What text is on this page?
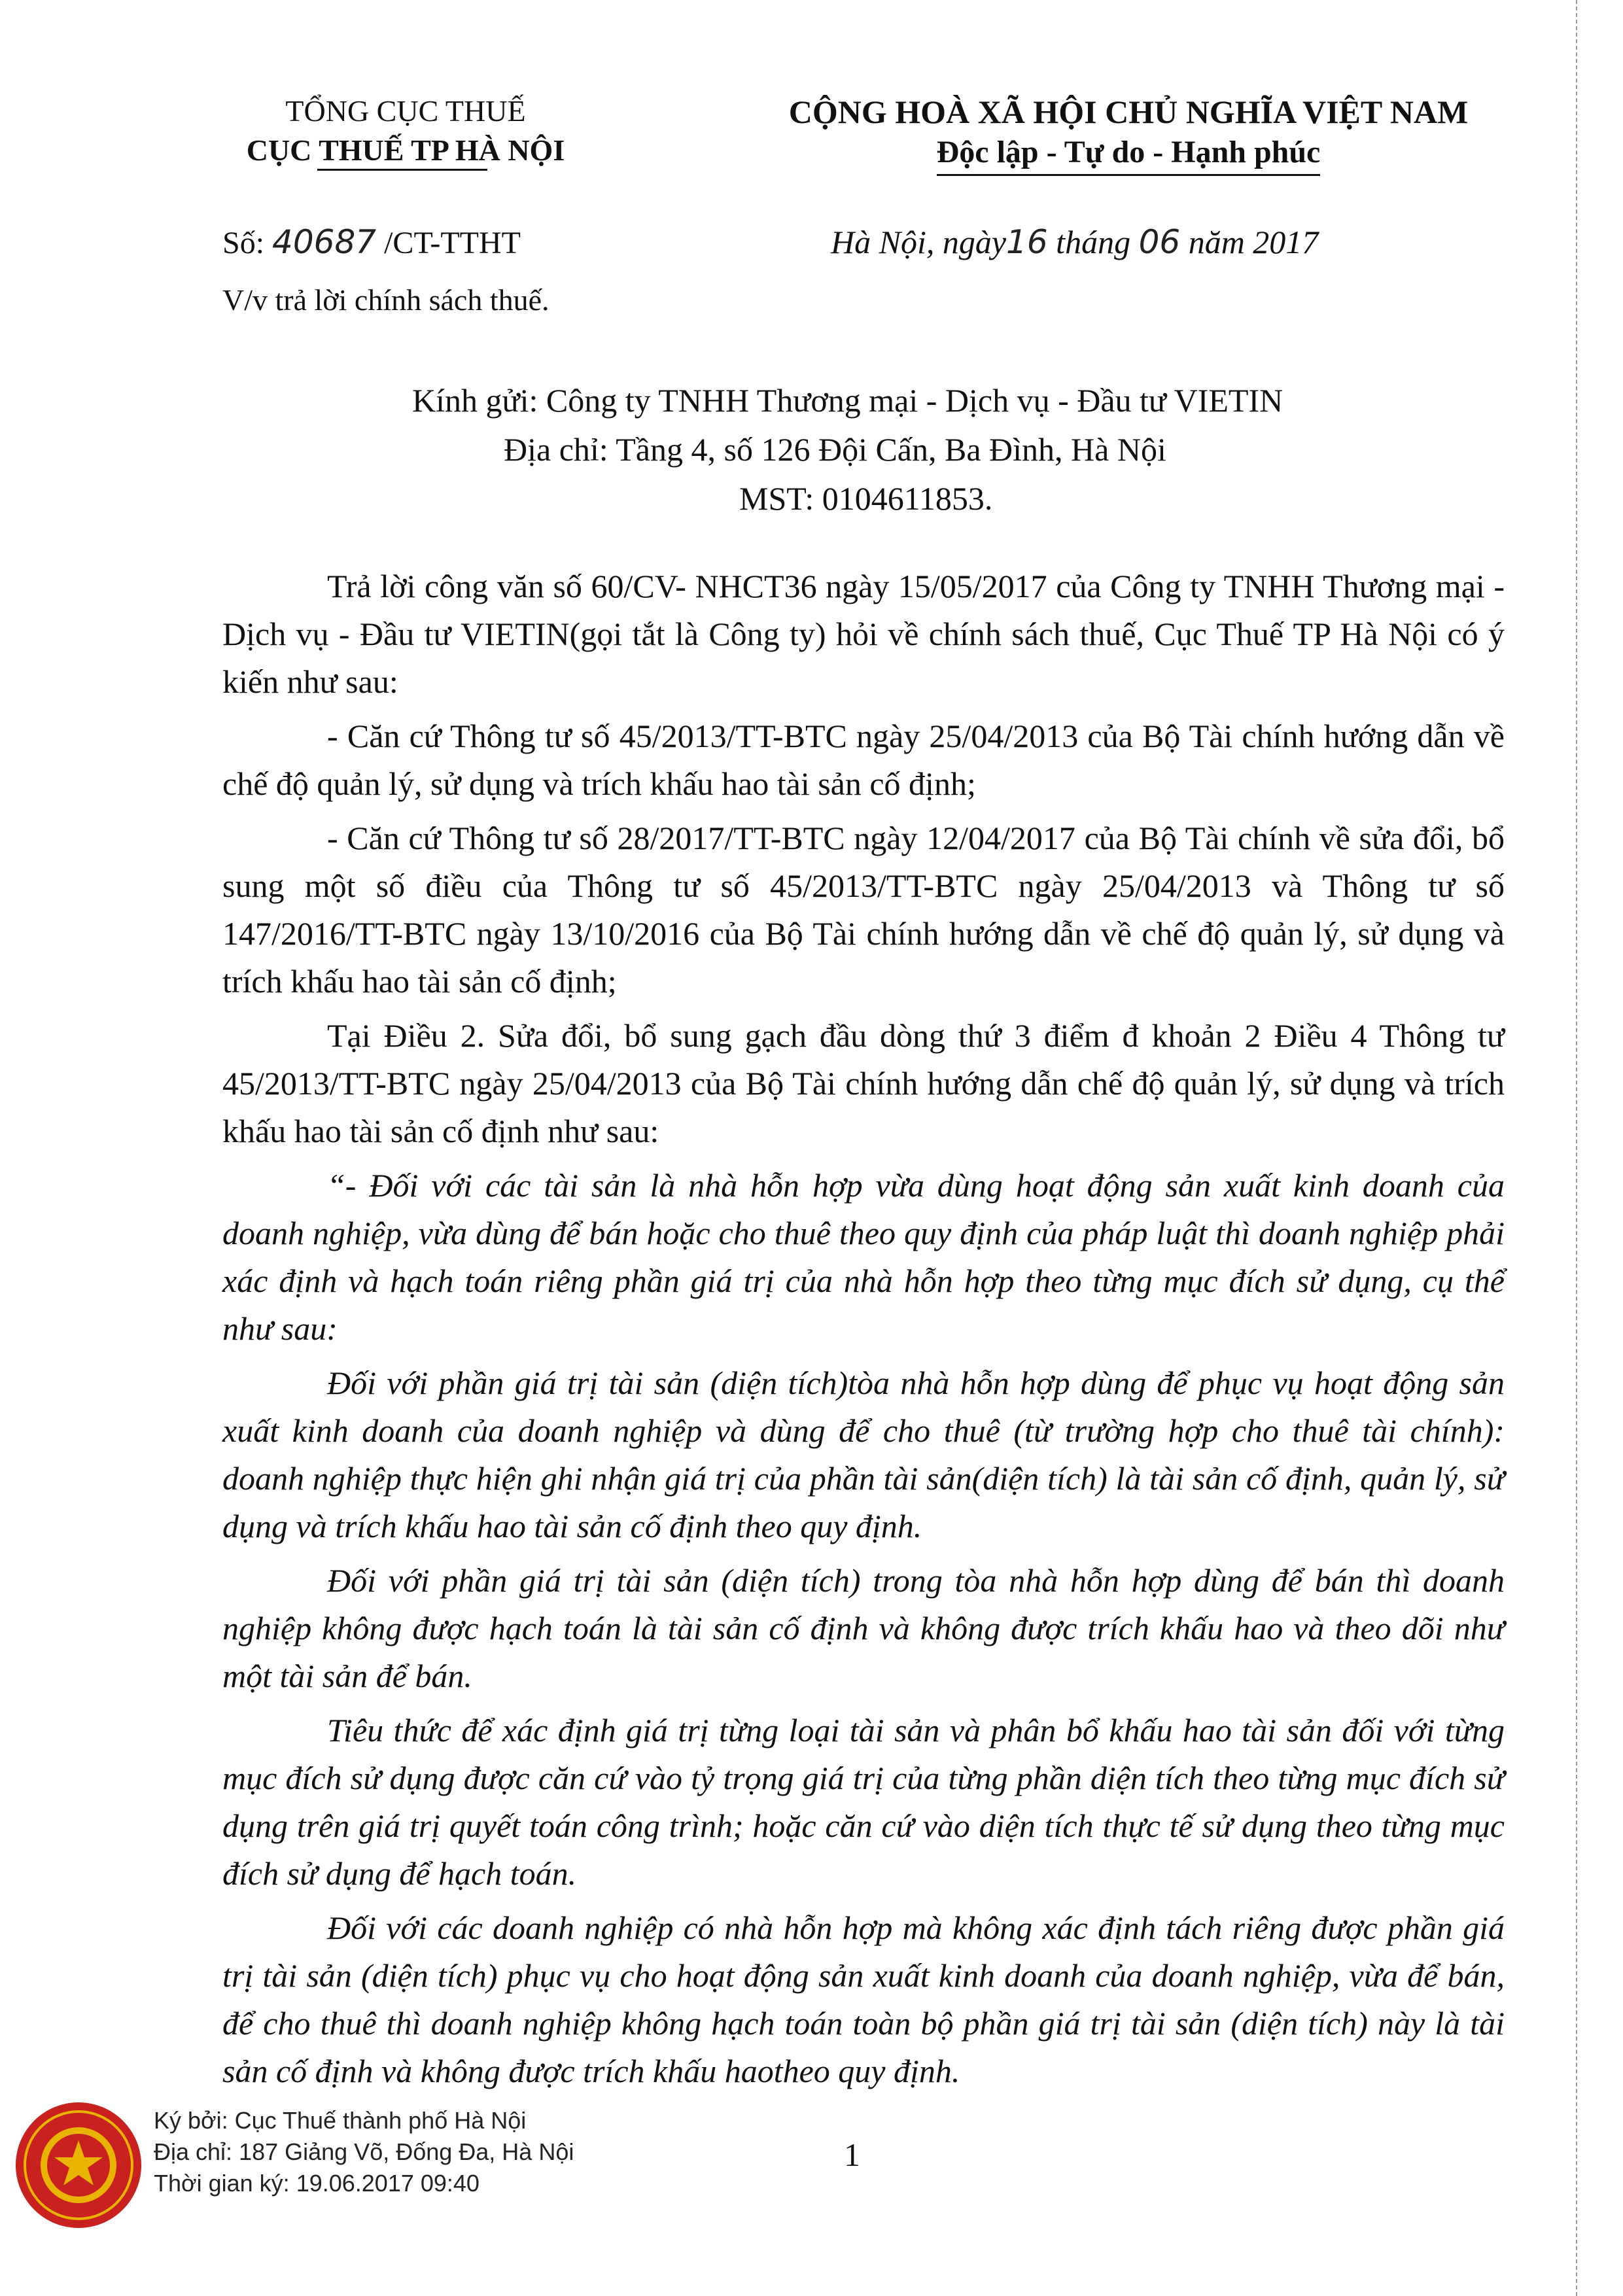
TỔNG CỤC THUẾ
CỤC THUẾ TP HÀ NỘI
CỘNG HOÀ XÃ HỘI CHỦ NGHĨA VIỆT NAM
Độc lập - Tự do - Hạnh phúc
Số: 40687 /CT-TTHT	Hà Nội, ngày16 tháng 06 năm 2017
V/v trả lời chính sách thuế.
Kính gửi: Công ty TNHH Thương mại - Dịch vụ - Đầu tư VIETIN
Địa chỉ: Tầng 4, số 126 Đội Cấn, Ba Đình, Hà Nội
MST: 0104611853.

Trả lời công văn số 60/CV- NHCT36 ngày 15/05/2017 của Công ty TNHH Thương mại - Dịch vụ - Đầu tư VIETIN(gọi tắt là Công ty) hỏi về chính sách thuế, Cục Thuế TP Hà Nội có ý kiến như sau:

- Căn cứ Thông tư số 45/2013/TT-BTC ngày 25/04/2013 của Bộ Tài chính hướng dẫn về chế độ quản lý, sử dụng và trích khấu hao tài sản cố định;

- Căn cứ Thông tư số 28/2017/TT-BTC ngày 12/04/2017 của Bộ Tài chính về sửa đổi, bổ sung một số điều của Thông tư số 45/2013/TT-BTC ngày 25/04/2013 và Thông tư số 147/2016/TT-BTC ngày 13/10/2016 của Bộ Tài chính hướng dẫn về chế độ quản lý, sử dụng và trích khấu hao tài sản cố định;

Tại Điều 2. Sửa đổi, bổ sung gạch đầu dòng thứ 3 điểm đ khoản 2 Điều 4 Thông tư 45/2013/TT-BTC ngày 25/04/2013 của Bộ Tài chính hướng dẫn chế độ quản lý, sử dụng và trích khấu hao tài sản cố định như sau:

“- Đối với các tài sản là nhà hỗn hợp vừa dùng hoạt động sản xuất kinh doanh của doanh nghiệp, vừa dùng để bán hoặc cho thuê theo quy định của pháp luật thì doanh nghiệp phải xác định và hạch toán riêng phần giá trị của nhà hỗn hợp theo từng mục đích sử dụng, cụ thể như sau:

Đối với phần giá trị tài sản (diện tích)tòa nhà hỗn hợp dùng để phục vụ hoạt động sản xuất kinh doanh của doanh nghiệp và dùng để cho thuê (từ trường hợp cho thuê tài chính): doanh nghiệp thực hiện ghi nhận giá trị của phần tài sản(diện tích) là tài sản cố định, quản lý, sử dụng và trích khấu hao tài sản cố định theo quy định.

Đối với phần giá trị tài sản (diện tích) trong tòa nhà hỗn hợp dùng để bán thì doanh nghiệp không được hạch toán là tài sản cố định và không được trích khấu hao và theo dõi như một tài sản để bán.

Tiêu thức để xác định giá trị từng loại tài sản và phân bổ khấu hao tài sản đối với từng mục đích sử dụng được căn cứ vào tỷ trọng giá trị của từng phần diện tích theo từng mục đích sử dụng trên giá trị quyết toán công trình; hoặc căn cứ vào diện tích thực tế sử dụng theo từng mục đích sử dụng để hạch toán.

Đối với các doanh nghiệp có nhà hỗn hợp mà không xác định tách riêng được phần giá trị tài sản (diện tích) phục vụ cho hoạt động sản xuất kinh doanh của doanh nghiệp, vừa để bán, để cho thuê thì doanh nghiệp không hạch toán toàn bộ phần giá trị tài sản (diện tích) này là tài sản cố định và không được trích khấu haotheo quy định.

Ký bởi: Cục Thuế thành phố Hà Nội
Địa chỉ: 187 Giảng Võ, Đống Đa, Hà Nội
Thời gian ký: 19.06.2017 09:40
1
